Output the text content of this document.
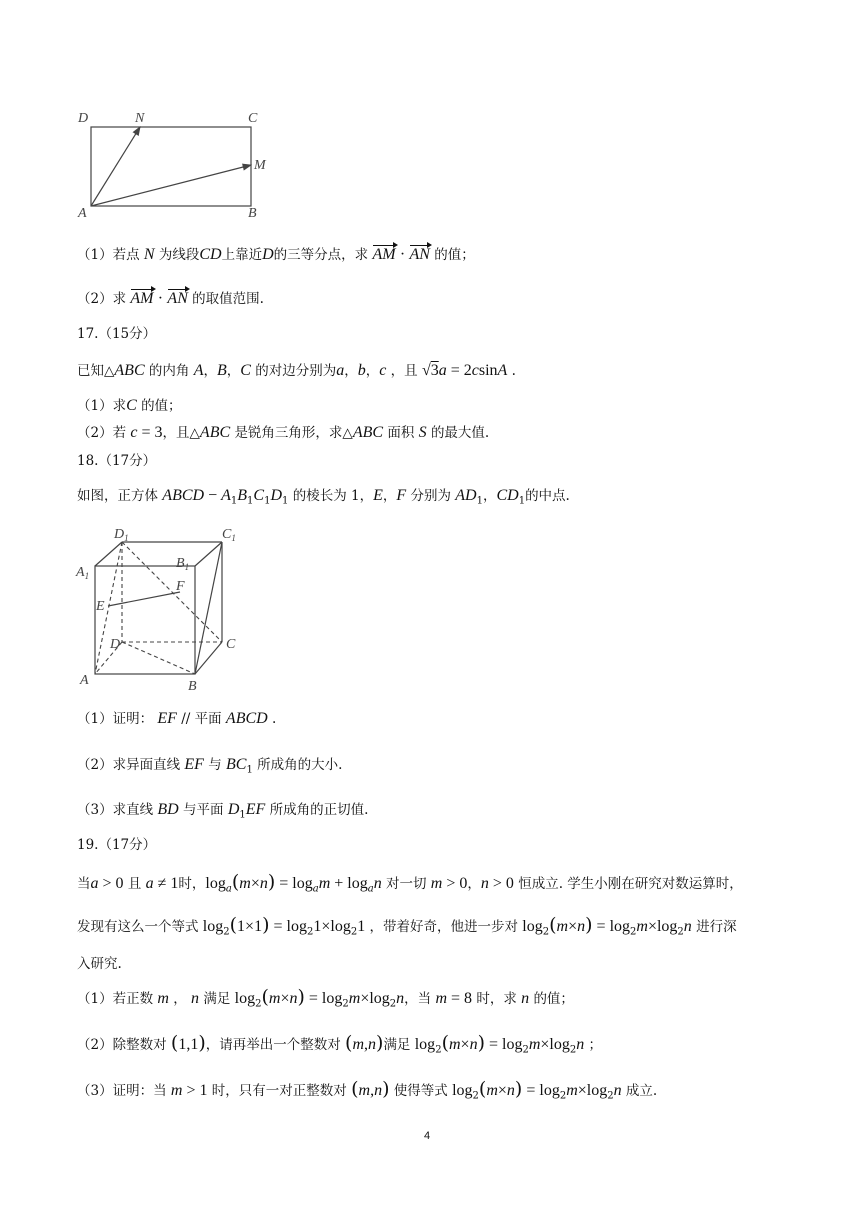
D	N	C
M
A	B
（1）若点 N 为线段CD上靠近D的三等分点，求 AM · AN 的值；
（2）求 AM · AN 的取值范围.
17.（15分）
已知△ABC 的内角 A，B，C 的对边分别为a，b，c ，且 √3a = 2csinA .
（1）求C 的值；
（2）若 c = 3，且△ABC 是锐角三角形，求△ABC 面积 S 的最大值.
18.（17分）
如图，正方体 ABCD − $A_1B_1C_1D_1$ 的棱长为 1，E，F 分别为 $AD_1$，$CD_1$的中点.
$D_1$	$C_1$
$A_1$
$B_1$
E
F
D	C
A	B
（1）证明： EF // 平面 ABCD .
（2）求异面直线 EF 与 $BC_1$ 所成角的大小.
（3）求直线 BD 与平面 $D_1EF$ 所成角的正切值.
19.（17分）
当a > 0 且 a ≠ 1时，$\log_a(m\times n) = \log_am + \log_an$ 对一切 m > 0，n > 0 恒成立. 学生小刚在研究对数运算时，
发现有这么一个等式 $\log_2(1\times 1) = \log_21\times\log_21$ ，带着好奇，他进一步对 $\log_2(m\times n) = \log_2m\times\log_2n$ 进行深
入研究.
（1）若正数 m ， n 满足 $\log_2(m\times n) = \log_2m\times\log_2n$，当 m = 8 时，求 n 的值；
（2）除整数对 (1,1)，请再举出一个整数对 (m,n)满足 $\log_2(m\times n) = \log_2m\times\log_2n$ ；
（3）证明：当 m > 1 时，只有一对正整数对 (m,n) 使得等式 $\log_2(m\times n) = \log_2m\times\log_2n$ 成立.
4
